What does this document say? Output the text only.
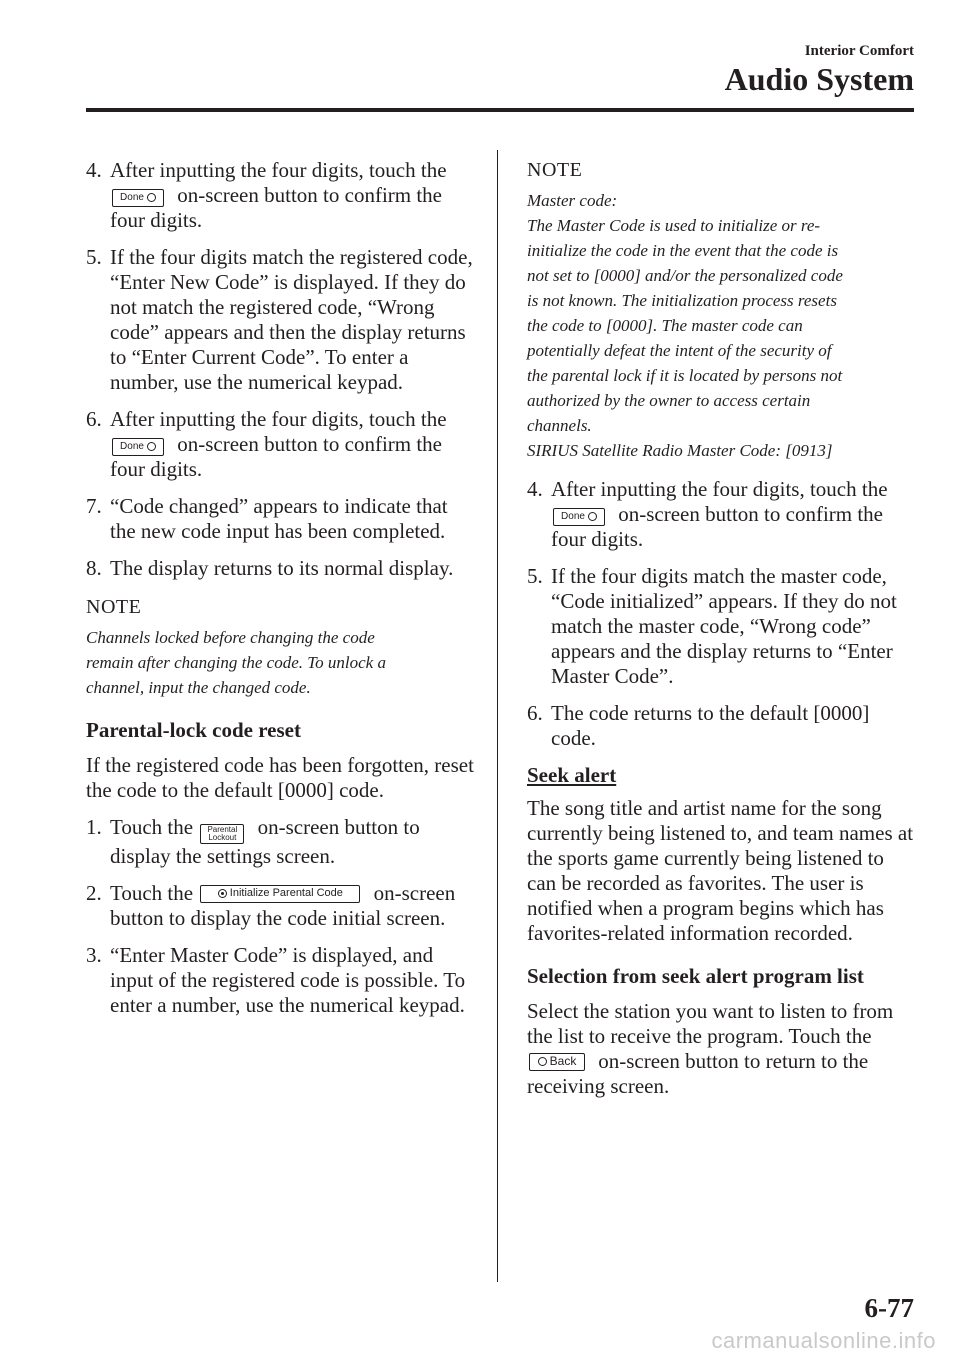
Interior Comfort
Audio System
4. After inputting the four digits, touch the
Done on-screen button to confirm the four digits.
5. If the four digits match the registered code, “Enter New Code” is displayed. If they do not match the registered code, “Wrong code” appears and then the display returns to “Enter Current Code”. To enter a number, use the numerical keypad.
6. After inputting the four digits, touch the
Done on-screen button to confirm the four digits.
7. “Code changed” appears to indicate that the new code input has been completed.
8. The display returns to its normal display.
NOTE
Channels locked before changing the code
remain after changing the code. To unlock a
channel, input the changed code.
Parental-lock code reset

If the registered code has been forgotten, reset the code to the default [0000] code.

1. Touch the Parental
Lockout on-screen button to display the settings screen.
2. Touch the	Initialize Parental Code on-screen button to display the code initial screen.
3. “Enter Master Code” is displayed, and input of the registered code is possible. To enter a number, use the numerical keypad.
NOTE
Master code:
The Master Code is used to initialize or re-
initialize the code in the event that the code is
not set to [0000] and/or the personalized code
is not known. The initialization process resets
the code to [0000]. The master code can
potentially defeat the intent of the security of
the parental lock if it is located by persons not
authorized by the owner to access certain
channels.
SIRIUS Satellite Radio Master Code: [0913]
4. After inputting the four digits, touch the
Done on-screen button to confirm the four digits.
5. If the four digits match the master code, “Code initialized” appears. If they do not match the master code, “Wrong code” appears and the display returns to “Enter Master Code”.
6. The code returns to the default [0000] code.
Seek alert

The song title and artist name for the song currently being listened to, and team names at the sports game currently being listened to can be recorded as favorites. The user is notified when a program begins which has favorites-related information recorded.

Selection from seek alert program list

Select the station you want to listen to from the list to receive the program. Touch the
Back on-screen button to return to the receiving screen.

6-77
carmanualsonline.info
